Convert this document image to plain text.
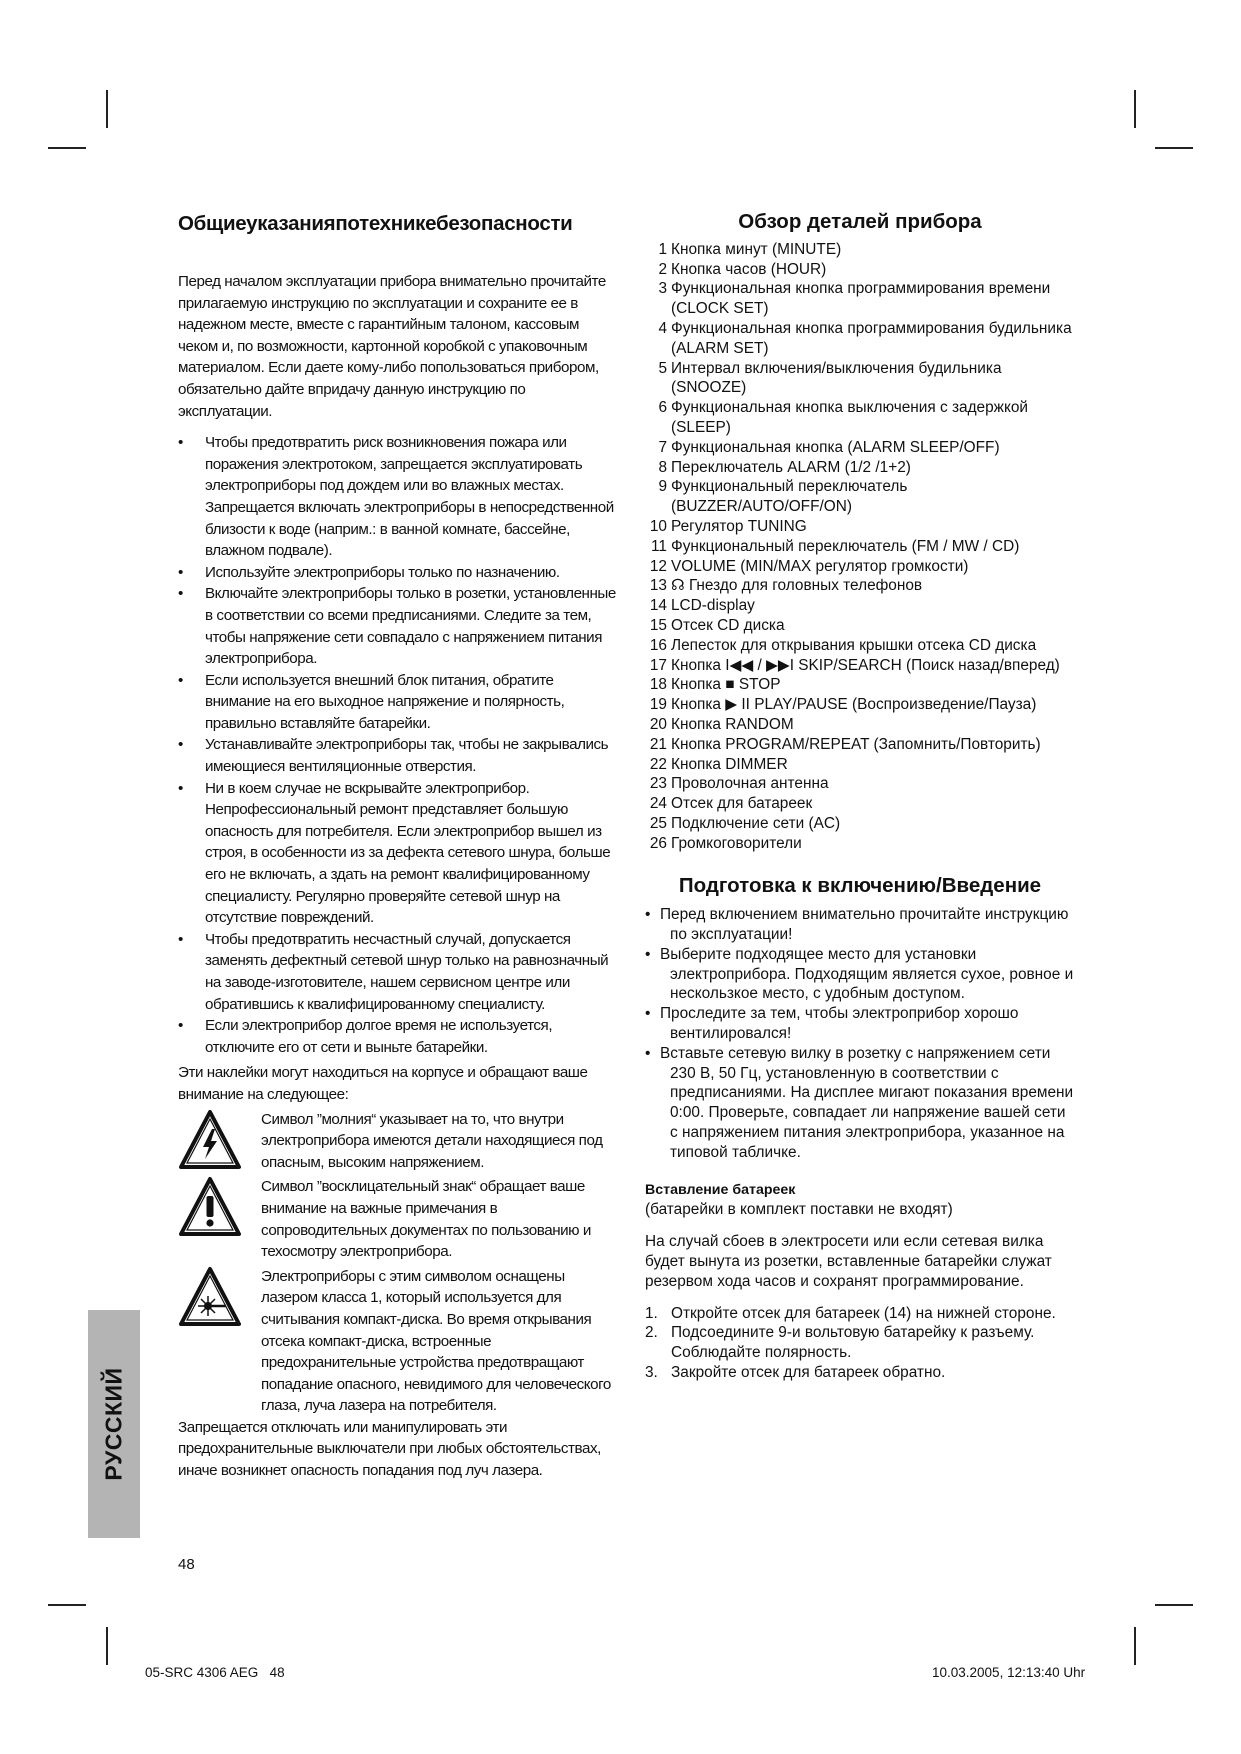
Общиеуказанияпотехникебезопасности

Перед началом эксплуатации прибора внимательно прочитайте прилагаемую инструкцию по эксплуатации и сохраните ее в надежном месте, вместе с гарантийным талоном, кассовым чеком и, по возможности, картонной коробкой с упаковочным материалом. Если даете кому-либо попользоваться прибором, обязательно дайте впридачу данную инструкцию по эксплуатации.

• Чтобы предотвратить риск возникновения пожара или поражения электротоком, запрещается эксплуатировать электроприборы под дождем или во влажных местах. Запрещается включать электроприборы в непосредственной близости к воде (наприм.: в ванной комнате, бассейне, влажном подвале).
• Используйте электроприборы только по назначению.
• Включайте электроприборы только в розетки, установленные в соответствии со всеми предписаниями. Следите за тем, чтобы напряжение сети совпадало с напряжением питания электроприбора.
• Если используется внешний блок питания, обратите внимание на его выходное напряжение и полярность, правильно вставляйте батарейки.
• Устанавливайте электроприборы так, чтобы не закрывались имеющиеся вентиляционные отверстия.
• Ни в коем случае не вскрывайте электроприбор. Непрофессиональный ремонт представляет большую опасность для потребителя. Если электроприбор вышел из строя, в особенности из за дефекта сетевого шнура, больше его не включать, а здать на ремонт квалифицированному специалисту. Регулярно проверяйте сетевой шнур на отсутствие повреждений.
• Чтобы предотвратить несчастный случай, допускается заменять дефектный сетевой шнур только на равнозначный на заводе-изготовителе, нашем сервисном центре или обратившись к квалифицированному специалисту.
• Если электроприбор долгое время не используется, отключите его от сети и выньте батарейки.

Эти наклейки могут находиться на корпусе и обращают ваше внимание на следующее:

Символ ”молния“ указывает на то, что внутри электроприбора имеются детали находящиеся под опасным, высоким напряжением.

Символ ”восклицательный знак“ обращает ваше внимание на важные примечания в сопроводительных документах по пользованию и техосмотру электроприбора.

Электроприборы с этим символом оснащены лазером класса 1, который используется для считывания компакт-диска. Во время открывания отсека компакт-диска, встроенные предохранительные устройства предотвращают попадание опасного, невидимого для человеческого глаза, луча лазера на потребителя.

Запрещается отключать или манипулировать эти предохранительные выключатели при любых обстоятельствах, иначе возникнет опасность попадания под луч лазера.

Обзор деталей прибора
1 Кнопка минут (MINUTE)
2 Кнопка часов (HOUR)
3 Функциональная кнопка программирования времени (CLOCK SET)
4 Функциональная кнопка программирования будильника (ALARM SET)
5 Интервал включения/выключения будильника (SNOOZE)
6 Функциональная кнопка выключения с задержкой (SLEEP)
7 Функциональная кнопка (ALARM SLEEP/OFF)
8 Переключатель ALARM (1/2 /1+2)
9 Функциональный переключатель (BUZZER/AUTO/OFF/ON)
10 Регулятор TUNING
11 Функциональный переключатель (FM / MW / CD)
12 VOLUME (MIN/MAX регулятор громкости)
13 ☊ Гнездо для головных телефонов
14 LCD-display
15 Отсек CD диска
16 Лепесток для открывания крышки отсека CD диска
17 Кнопка I◀◀ / ▶▶I SKIP/SEARCH (Поиск назад/вперед)
18 Кнопка ■ STOP
19 Кнопка ▶ II PLAY/PAUSE (Воспроизведение/Пауза)
20 Кнопка RANDOM
21 Кнопка PROGRAM/REPEAT (Запомнить/Повторить)
22 Кнопка DIMMER
23 Проволочная антенна
24 Отсек для батареек
25 Подключение сети (AC)
26 Громкоговорители
Подготовка к включению/Введение
• Перед включением внимательно прочитайте инструкцию по эксплуатации!
• Выберите подходящее место для установки электроприбора. Подходящим является сухое, ровное и нескользкое место, с удобным доступом.
• Проследите за тем, чтобы электроприбор хорошо вентилировался!
• Вставьте сетевую вилку в розетку с напряжением сети 230 В, 50 Гц, установленную в соответствии с предписаниями. На дисплее мигают показания времени 0:00. Проверьте, совпадает ли напряжение вашей сети с напряжением питания электроприбора, указанное на типовой табличке.
Вставление батареек

(батарейки в комплект поставки не входят)

На случай сбоев в электросети или если сетевая вилка будет вынута из розетки, вставленные батарейки служат резервом хода часов и сохранят программирование.

1. Откройте отсек для батареек (14) на нижней стороне.
2. Подсоедините 9-и вольтовую батарейку к разъему. Соблюдайте полярность.
3. Закройте отсек для батареек обратно.
РУССКИЙ
48
05-SRC 4306 AEG   48	10.03.2005, 12:13:40 Uhr
